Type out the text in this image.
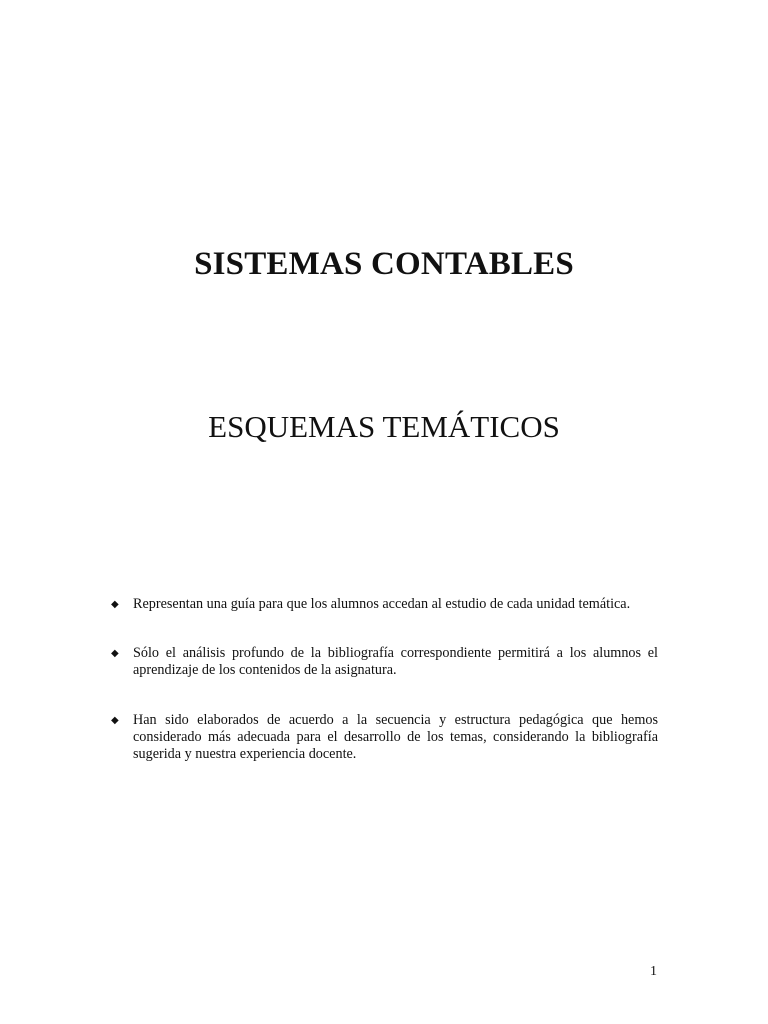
SISTEMAS CONTABLES
ESQUEMAS TEMÁTICOS
◆ Representan una guía para que los alumnos accedan al estudio de cada unidad temática.
◆ Sólo el análisis profundo de la bibliografía correspondiente permitirá a los alumnos el aprendizaje de los contenidos de la asignatura.
◆ Han sido elaborados de acuerdo a la secuencia y estructura pedagógica que hemos considerado más adecuada para el desarrollo de los temas, considerando la bibliografía sugerida y nuestra experiencia docente.

1
